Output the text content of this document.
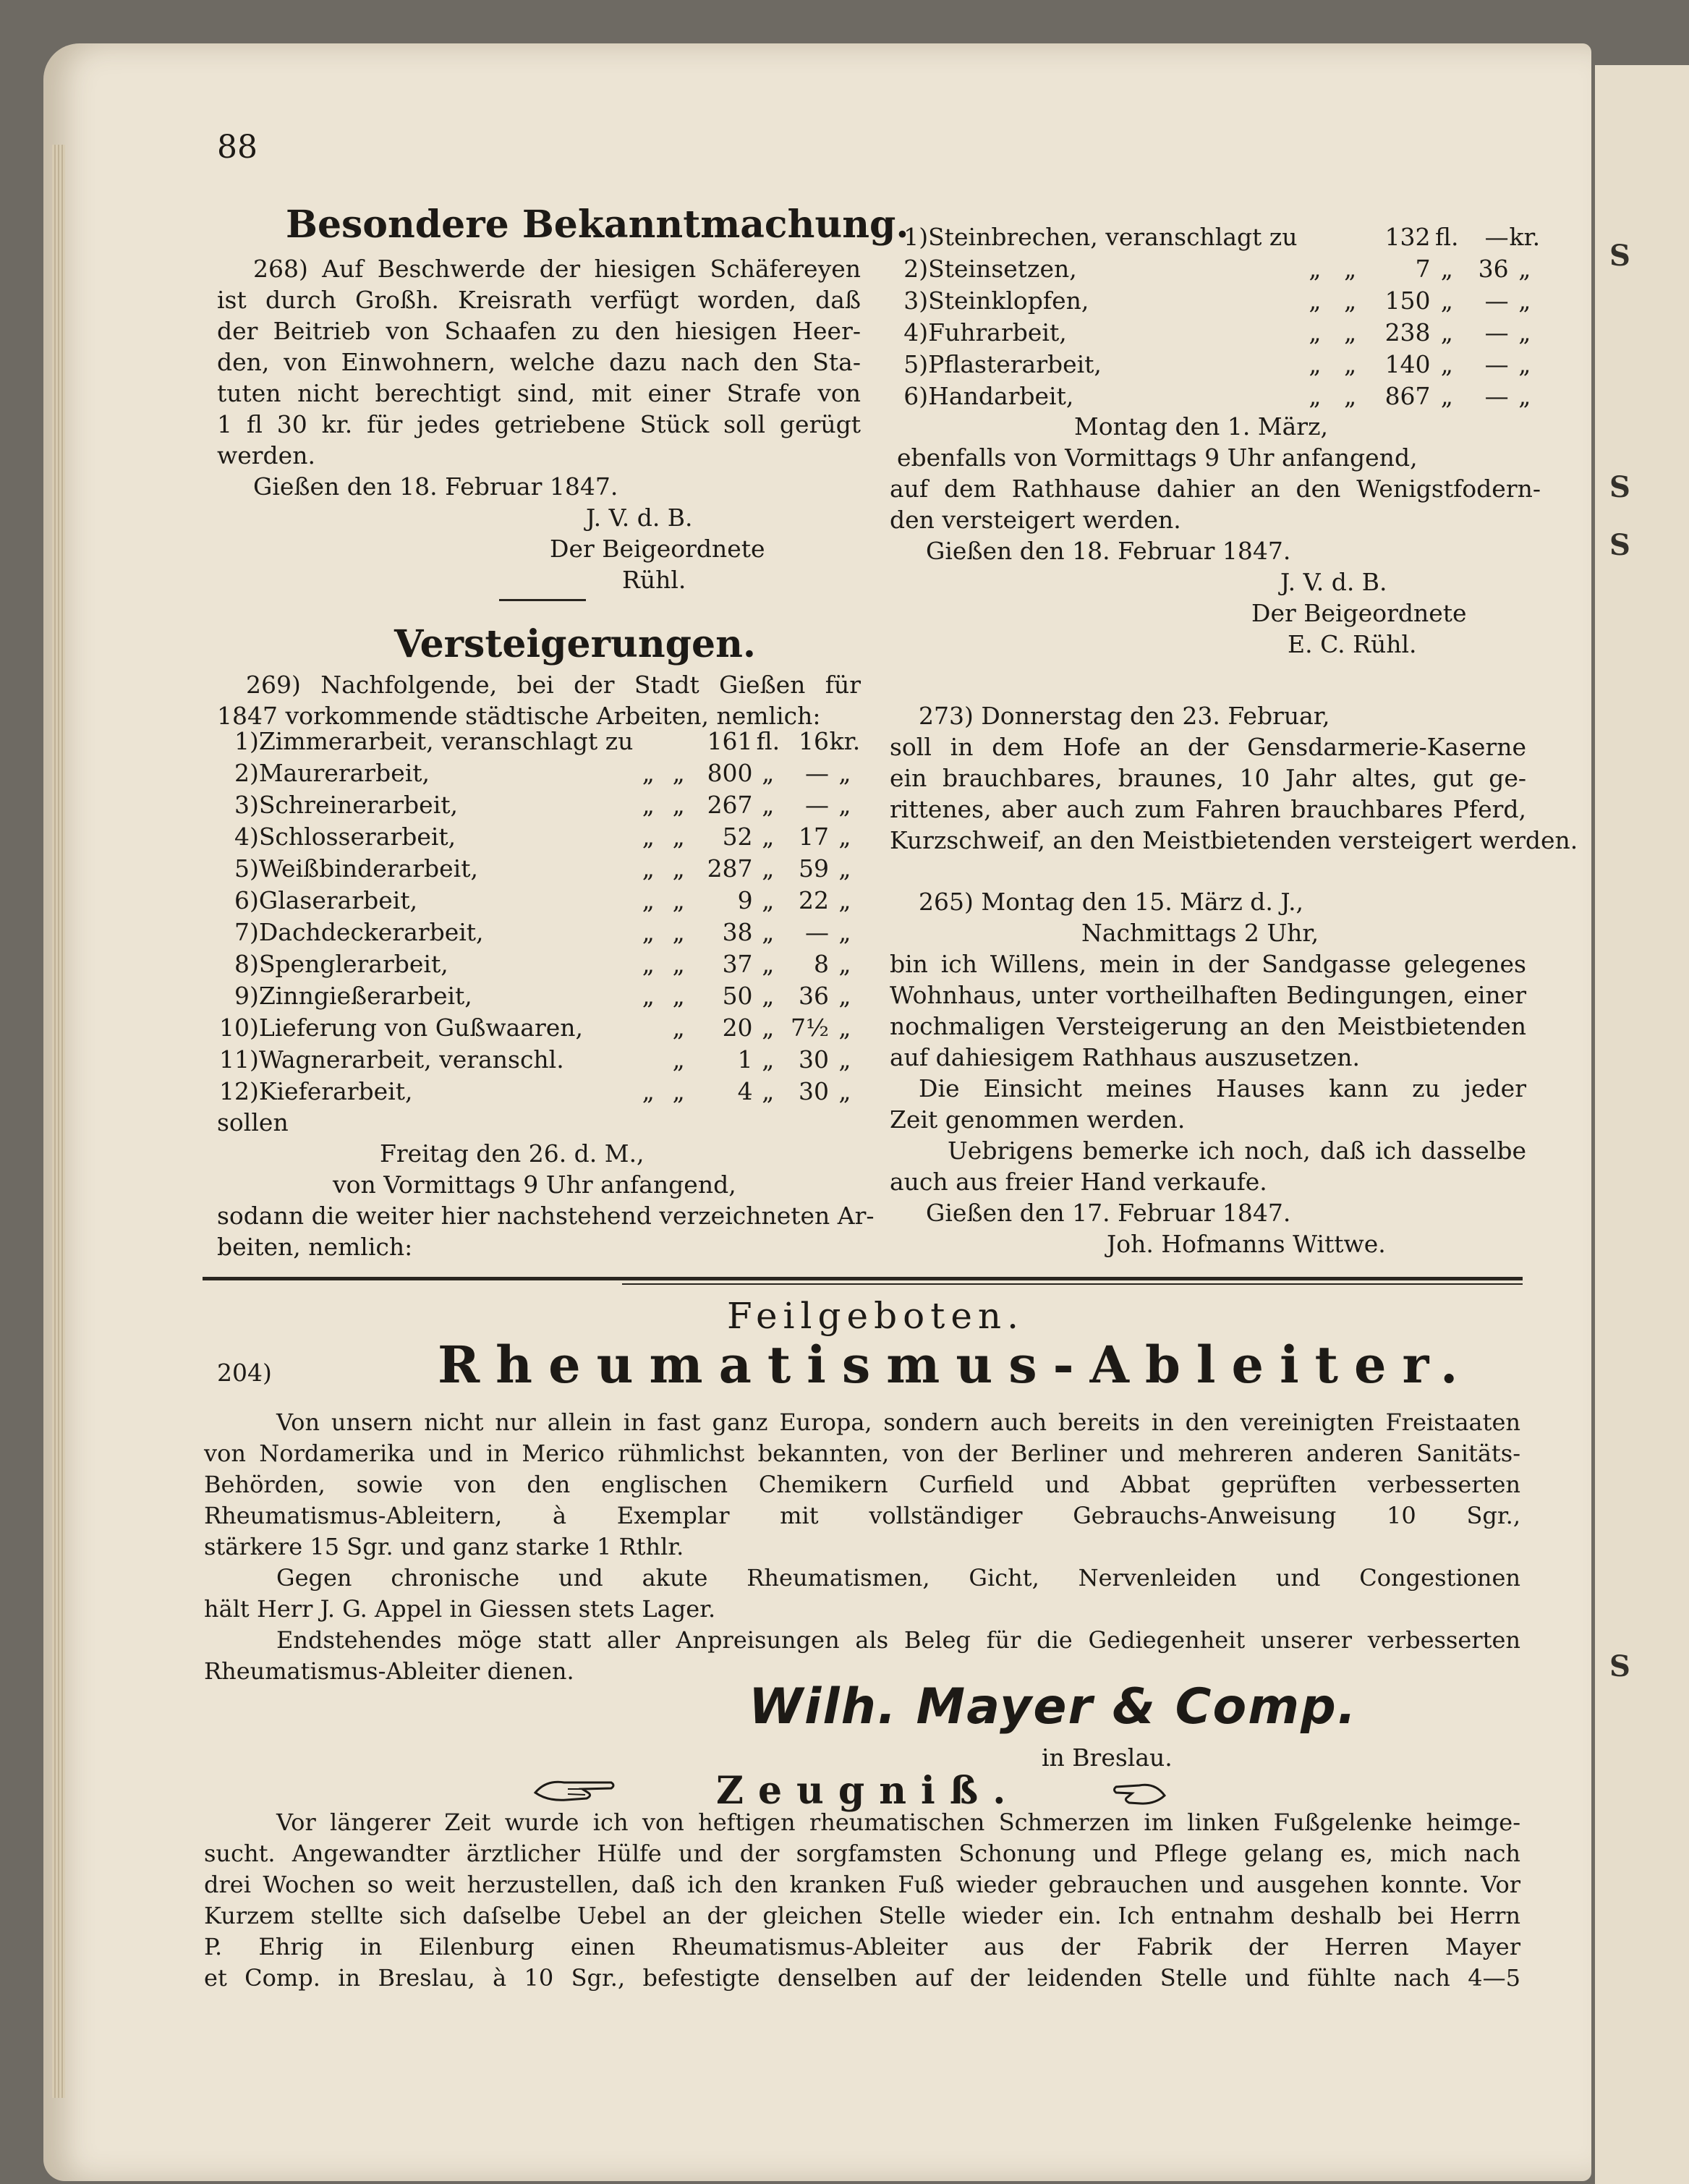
S
S
S
S
88
Besondere Bekanntmachung.
268) Auf Beschwerde der hiesigen Schäfereyen
ist durch Großh. Kreisrath verfügt worden, daß
der Beitrieb von Schaafen zu den hiesigen Heer-
den, von Einwohnern, welche dazu nach den Sta-
tuten nicht berechtigt sind, mit einer Strafe von
1 fl 30 kr. für jedes getriebene Stück soll gerügt
werden.
Gießen den 18. Februar 1847.
J. V. d. B.
Der Beigeordnete
Rühl.
Versteigerungen.
269) Nachfolgende, bei der Stadt Gießen für
1847 vorkommende städtische Arbeiten, nemlich:
1)	Zimmerarbeit, veranschlagt zu			161	fl.	16	kr.
2)	Maurerarbeit,	„	„	800	„	—	„
3)	Schreinerarbeit,	„	„	267	„	—	„
4)	Schlosserarbeit,	„	„	52	„	17	„
5)	Weißbinderarbeit,	„	„	287	„	59	„
6)	Glaserarbeit,	„	„	9	„	22	„
7)	Dachdeckerarbeit,	„	„	38	„	—	„
8)	Spenglerarbeit,	„	„	37	„	8	„
9)	Zinngießerarbeit,	„	„	50	„	36	„
10)	Lieferung von Gußwaaren,		„	20	„	7½	„
11)	Wagnerarbeit, veranschl.		„	1	„	30	„
12)	Kieferarbeit,	„	„	4	„	30	„
sollen
Freitag den 26. d. M.,
von Vormittags 9 Uhr anfangend,
sodann die weiter hier nachstehend verzeichneten Ar-
beiten, nemlich:
1)	Steinbrechen, veranschlagt zu			132	fl.	—	kr.
2)	Steinsetzen,	„	„	7	„	36	„
3)	Steinklopfen,	„	„	150	„	—	„
4)	Fuhrarbeit,	„	„	238	„	—	„
5)	Pflasterarbeit,	„	„	140	„	—	„
6)	Handarbeit,	„	„	867	„	—	„
Montag den 1. März,
ebenfalls von Vormittags 9 Uhr anfangend,
auf dem Rathhause dahier an den Wenigstfodern-
den versteigert werden.
Gießen den 18. Februar 1847.
J. V. d. B.
Der Beigeordnete
E. C. Rühl.
273) Donnerstag den 23. Februar,
soll in dem Hofe an der Gensdarmerie-Kaserne
ein brauchbares, braunes, 10 Jahr altes, gut ge-
rittenes, aber auch zum Fahren brauchbares Pferd,
Kurzschweif, an den Meistbietenden versteigert werden.
265) Montag den 15. März d. J.,
Nachmittags 2 Uhr,
bin ich Willens, mein in der Sandgasse gelegenes
Wohnhaus, unter vortheilhaften Bedingungen, einer
nochmaligen Versteigerung an den Meistbietenden
auf dahiesigem Rathhaus auszusetzen.
Die Einsicht meines Hauses kann zu jeder
Zeit genommen werden.
Uebrigens bemerke ich noch, daß ich dasselbe
auch aus freier Hand verkaufe.
Gießen den 17. Februar 1847.
Joh. Hofmanns Wittwe.
Feilgeboten.
204)	Rheumatismus-Ableiter.
Von unsern nicht nur allein in fast ganz Europa, sondern auch bereits in den vereinigten Freistaaten
von Nordamerika und in Merico rühmlichst bekannten, von der Berliner und mehreren anderen Sanitäts-
Behörden, sowie von den englischen Chemikern Curfield und Abbat geprüften verbesserten
Rheumatismus-Ableitern, à Exemplar mit vollständiger Gebrauchs-Anweisung 10 Sgr.,
stärkere 15 Sgr. und ganz starke 1 Rthlr.
Gegen chronische und akute Rheumatismen, Gicht, Nervenleiden und Congestionen
hält Herr J. G. Appel in Giessen stets Lager.
Endstehendes möge statt aller Anpreisungen als Beleg für die Gediegenheit unserer verbesserten
Rheumatismus-Ableiter dienen.
Wilh. Mayer & Comp.
in Breslau.
Zeugniß.
Vor längerer Zeit wurde ich von heftigen rheumatischen Schmerzen im linken Fußgelenke heimge-
sucht. Angewandter ärztlicher Hülfe und der sorgfamsten Schonung und Pflege gelang es, mich nach
drei Wochen so weit herzustellen, daß ich den kranken Fuß wieder gebrauchen und ausgehen konnte. Vor
Kurzem stellte sich daſselbe Uebel an der gleichen Stelle wieder ein. Ich entnahm deshalb bei Herrn
P. Ehrig in Eilenburg einen Rheumatismus-Ableiter aus der Fabrik der Herren Mayer
et Comp. in Breslau, à 10 Sgr., befestigte denselben auf der leidenden Stelle und fühlte nach 4—5
